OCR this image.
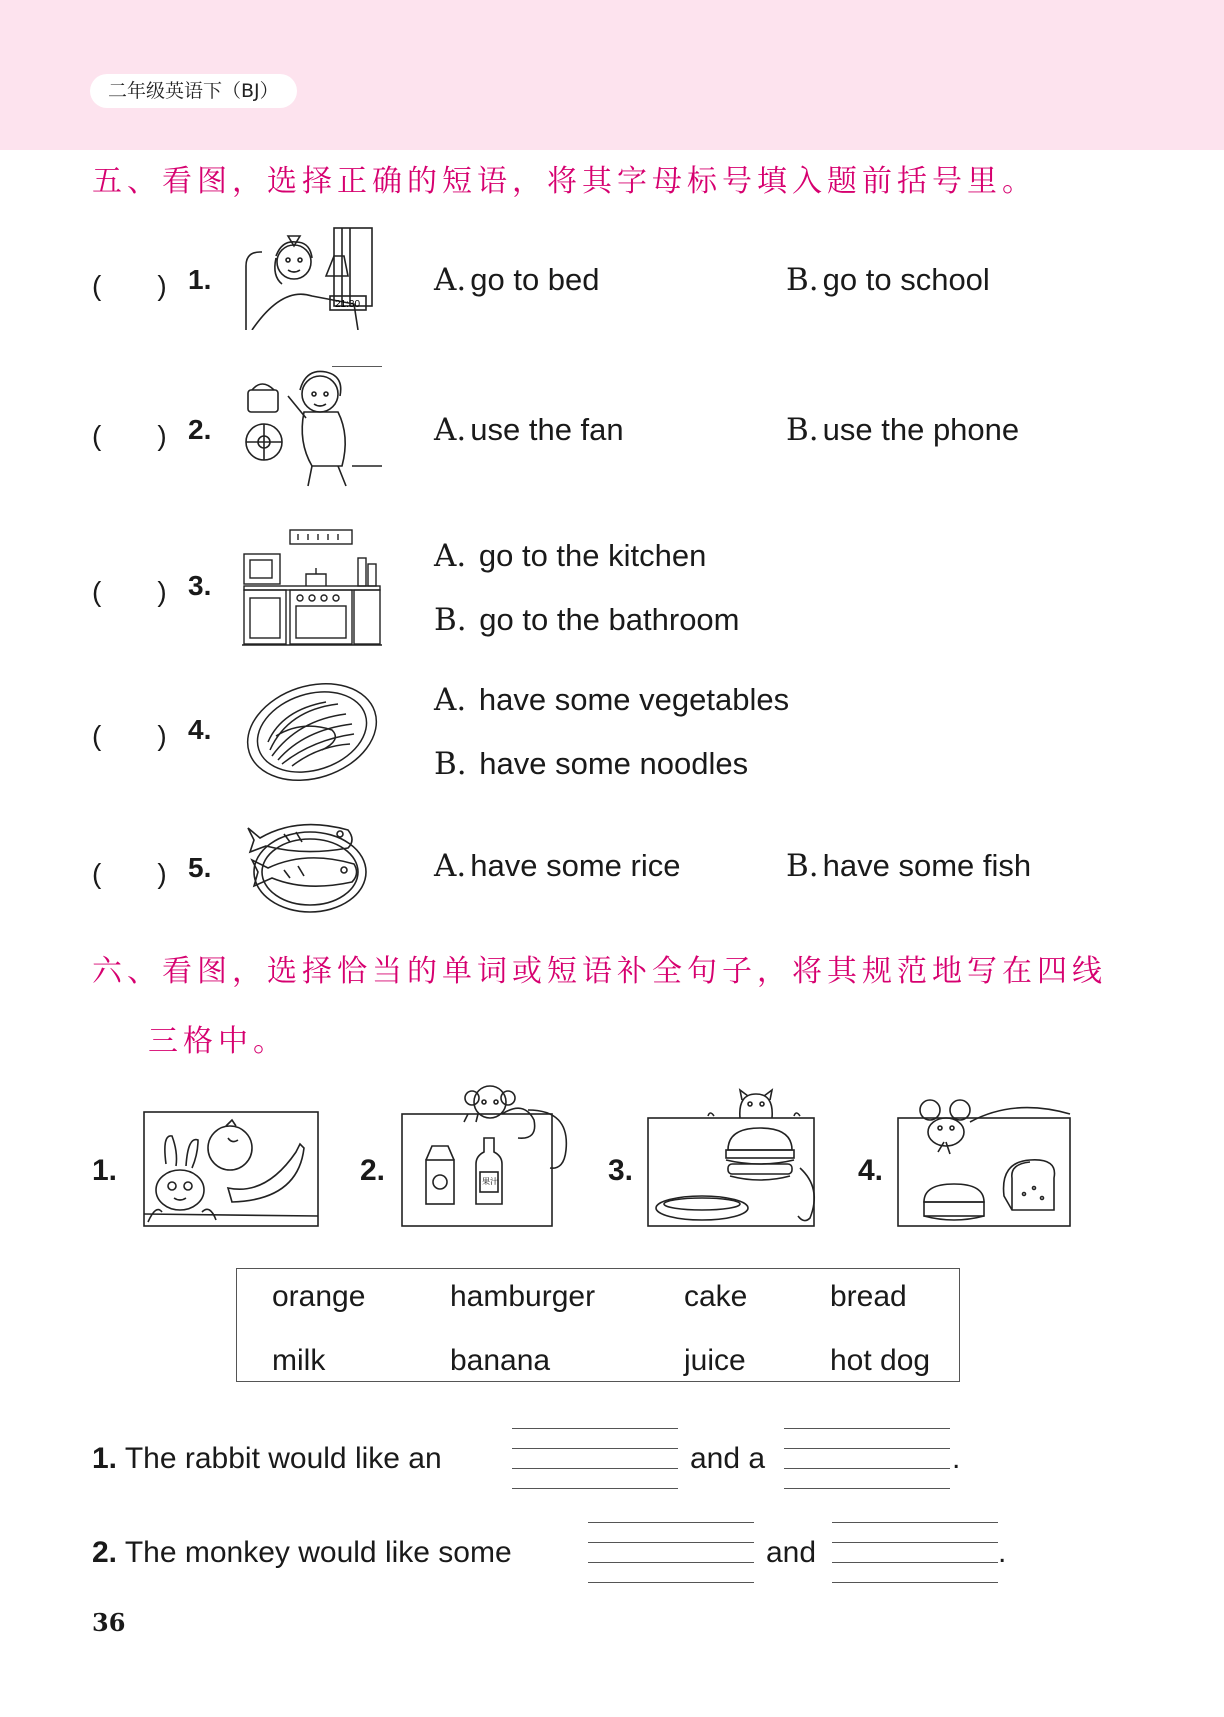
二年级英语下（BJ）
五、看图，选择正确的短语，将其字母标号填入题前括号里。
(　　) 1.
21:30
A. go to bed	B. go to school
(　　) 2.	A. use the fan	B. use the phone
(　　) 3.
A. go to the kitchen
B. go to the bathroom
(　　) 4.
A. have some vegetables
B. have some noodles
(　　) 5.	A. have some rice	B. have some fish
六、看图，选择恰当的单词或短语补全句子，将其规范地写在四线
三格中。
1.	2.	果汁	3.	4.
orange	hamburger	cake	bread
milk	banana	juice	hot dog
1. The rabbit would like an	and a	.
2. The monkey would like some	and	.
36
